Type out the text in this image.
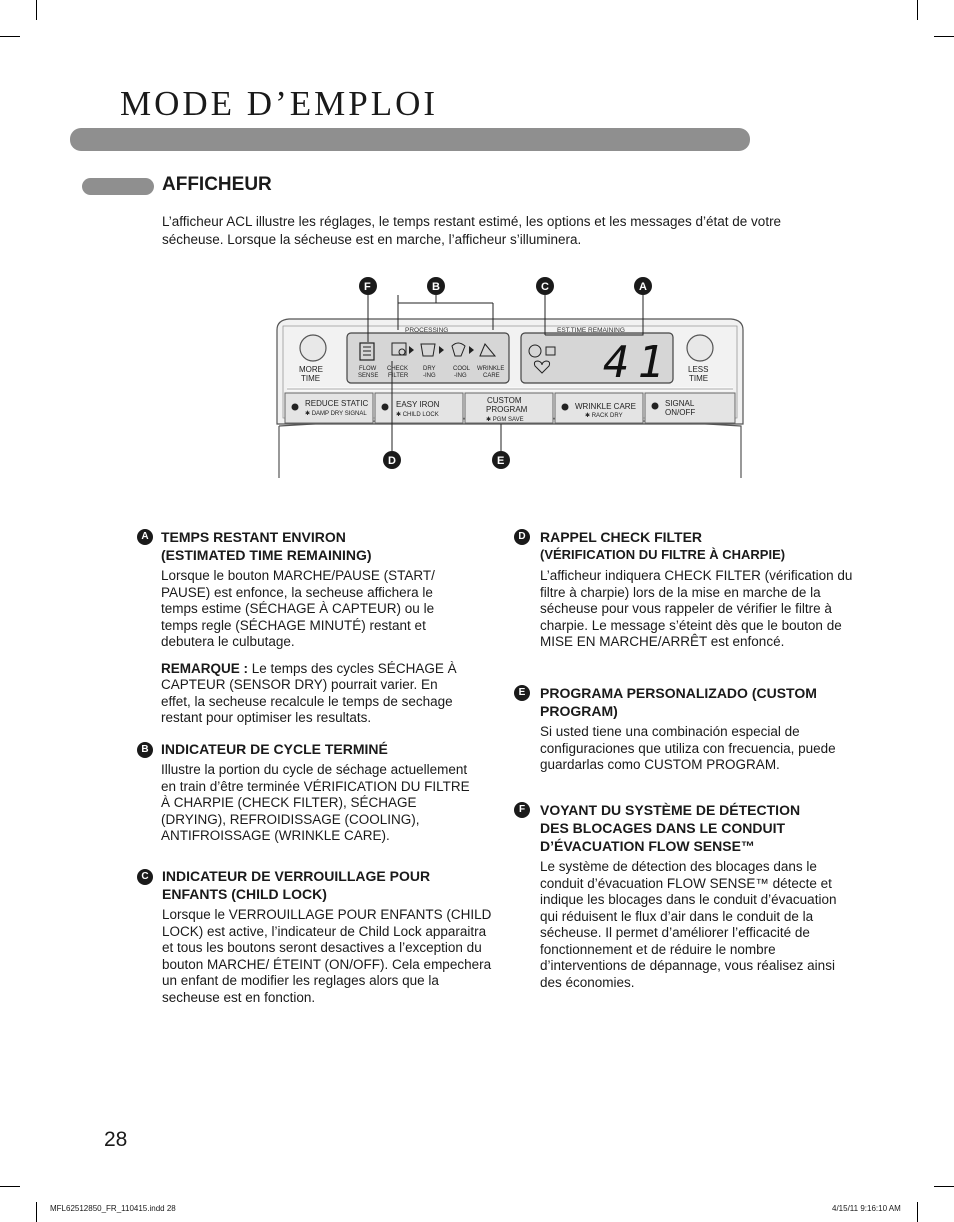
MODE D’EMPLOI
AFFICHEUR
L’afficheur ACL illustre les réglages, le temps restant estimé, les options et les messages d’état de votre sécheuse. Lorsque la sécheuse est en marche, l’afficheur s’illuminera.
PROCESSING	EST.TIME REMAINING
MORE
TIME
LESS
TIME
FLOW
SENSE
CHECK
FILTER
DRY
-ING
COOL
-ING
WRINKLE
CARE 41
REDUCE STATIC
✱ DAMP DRY SIGNAL
EASY IRON
✱ CHILD LOCK
CUSTOM
PROGRAM
✱ PGM SAVE
WRINKLE CARE
✱ RACK DRY
SIGNAL
ON/OFF
F	B	C	A
D	E
A TEMPS RESTANT ENVIRON
(ESTIMATED TIME REMAINING)
Lorsque le bouton MARCHE/PAUSE (START/ PAUSE) est enfonce, la secheuse affichera le temps estime (SÉCHAGE À CAPTEUR) ou le temps regle (SÉCHAGE MINUTÉ) restant et debutera le culbutage.
REMARQUE : Le temps des cycles SÉCHAGE À CAPTEUR (SENSOR DRY) pourrait varier. En effet, la secheuse recalcule le temps de sechage restant pour optimiser les resultats.
B INDICATEUR DE CYCLE TERMINÉ
Illustre la portion du cycle de séchage actuellement en train d’être terminée VÉRIFICATION DU FILTRE À CHARPIE (CHECK FILTER), SÉCHAGE (DRYING), REFROIDISSAGE (COOLING), ANTIFROISSAGE (WRINKLE CARE).
C INDICATEUR DE VERROUILLAGE POUR
ENFANTS (CHILD LOCK)
Lorsque le VERROUILLAGE POUR ENFANTS (CHILD LOCK) est active, l’indicateur de Child Lock apparaitra et tous les boutons seront desactives a l’exception du bouton MARCHE/ ÉTEINT (ON/OFF). Cela empechera un enfant de modifier les reglages alors que la secheuse est en fonction.
D	RAPPEL CHECK FILTER
(VÉRIFICATION DU FILTRE À CHARPIE)
L’afficheur indiquera CHECK FILTER (vérification du filtre à charpie) lors de la mise en marche de la sécheuse pour vous rappeler de vérifier le filtre à charpie. Le message s’éteint dès que le bouton de MISE EN MARCHE/ARRÊT est enfoncé.
E	PROGRAMA PERSONALIZADO (CUSTOM
PROGRAM)
Si usted tiene una combinación especial de configuraciones que utiliza con frecuencia, puede guardarlas como CUSTOM PROGRAM.
F	VOYANT DU SYSTÈME DE DÉTECTION
DES BLOCAGES DANS LE CONDUIT
D’ÉVACUATION FLOW SENSE™
Le système de détection des blocages dans le conduit d’évacuation FLOW SENSE™ détecte et indique les blocages dans le conduit d’évacuation qui réduisent le flux d’air dans le conduit de la sécheuse. Il permet d’améliorer l’efficacité de fonctionnement et de réduire le nombre d’interventions de dépannage, vous réalisez ainsi des économies.
28
MFL62512850_FR_110415.indd 28	4/15/11 9:16:10 AM
